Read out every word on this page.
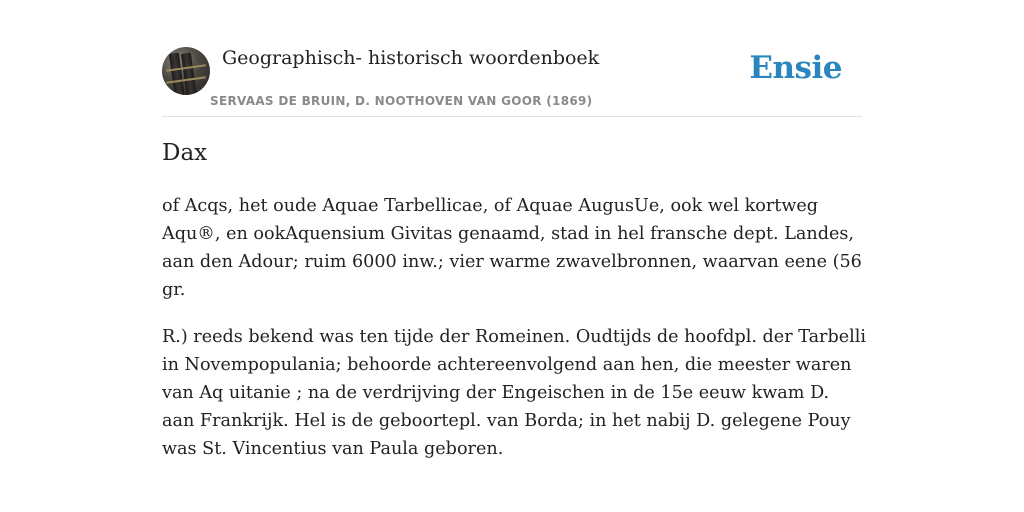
Geographisch- historisch woordenboek
SERVAAS DE BRUIN, D. NOOTHOVEN VAN GOOR (1869)
Ensie
Dax

of Acqs, het oude Aquae Tarbellicae, of Aquae AugusUe, ook wel kortweg Aqu®, en ookAquensium Givitas genaamd, stad in hel fransche dept. Landes, aan den Adour; ruim 6000 inw.; vier warme zwavelbronnen, waarvan eene (56 gr.

R.) reeds bekend was ten tijde der Romeinen. Oudtijds de hoofdpl. der Tarbelli in Novempopulania; behoorde achtereenvolgend aan hen, die meester waren van Aq uitanie ; na de verdrijving der Engeischen in de 15e eeuw kwam D. aan Frankrijk. Hel is de geboortepl. van Borda; in het nabij D. gelegene Pouy was St. Vincentius van Paula geboren.
